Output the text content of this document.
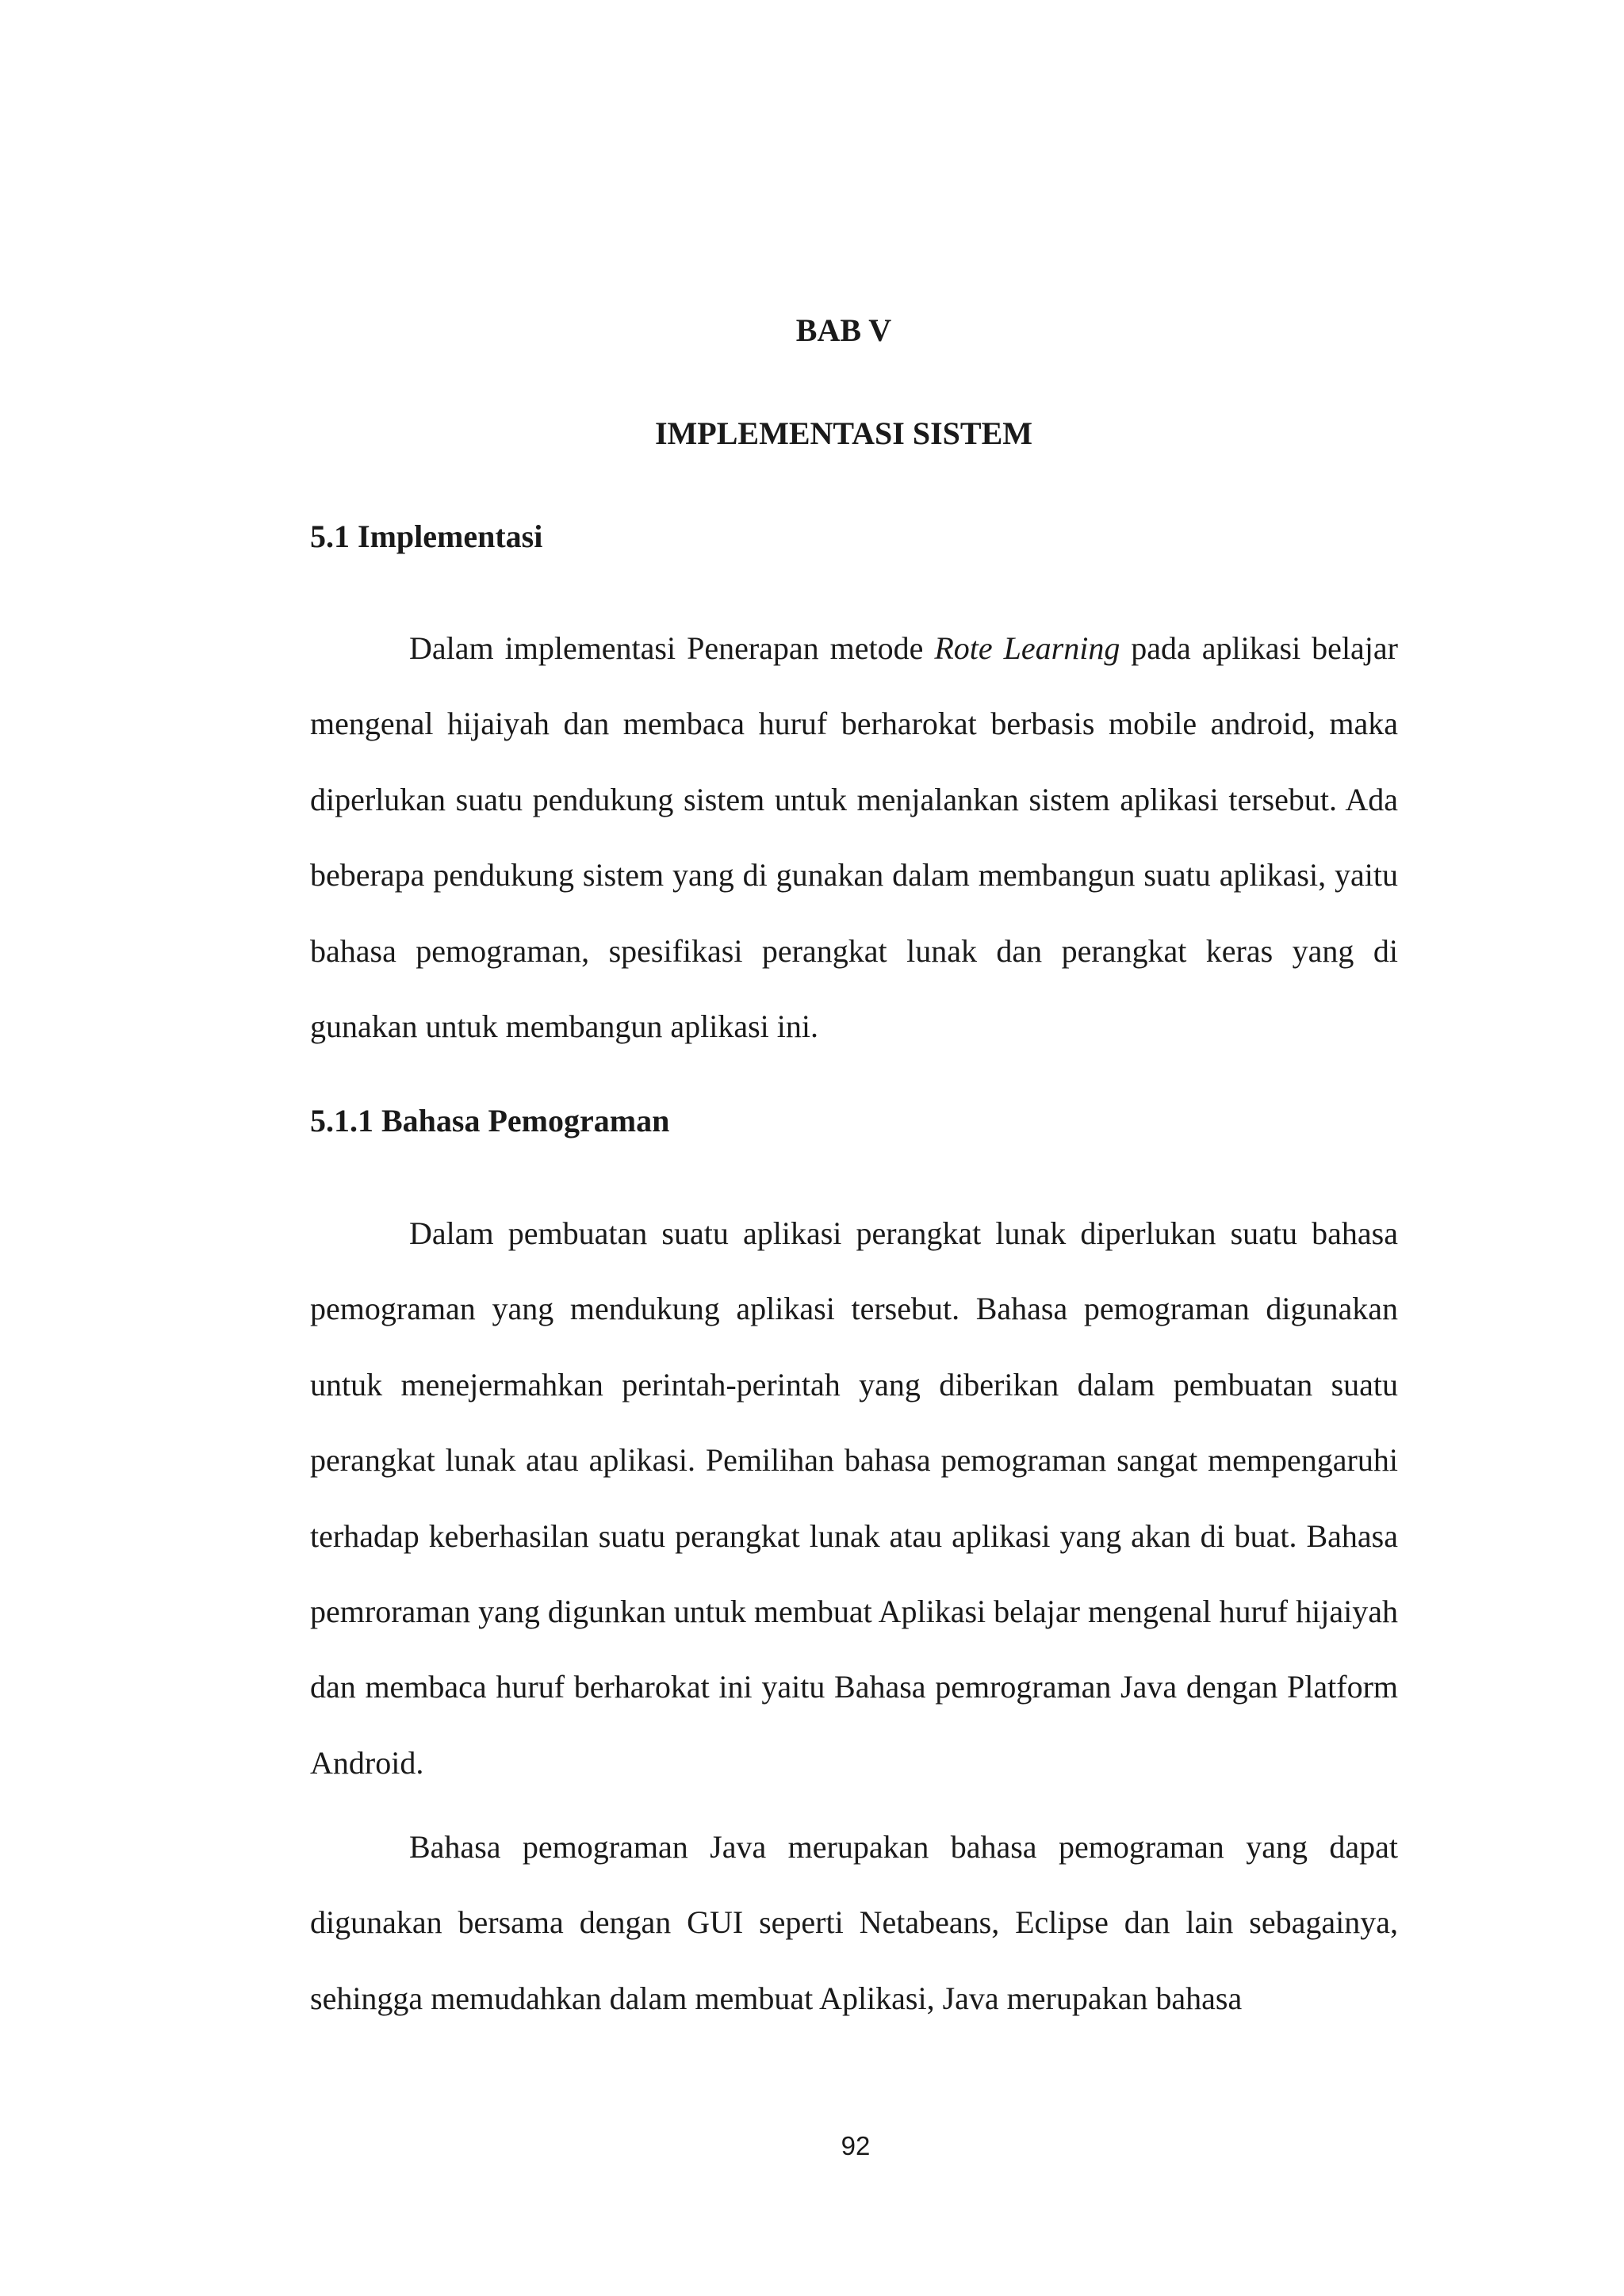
BAB V
IMPLEMENTASI SISTEM
5.1 Implementasi

Dalam implementasi Penerapan metode Rote Learning pada aplikasi belajar mengenal hijaiyah dan membaca huruf berharokat berbasis mobile android, maka diperlukan suatu pendukung sistem untuk menjalankan sistem aplikasi tersebut. Ada beberapa pendukung sistem yang di gunakan dalam membangun suatu aplikasi, yaitu bahasa pemograman, spesifikasi perangkat lunak dan perangkat keras yang di gunakan untuk membangun aplikasi ini.

5.1.1 Bahasa Pemograman

Dalam pembuatan suatu aplikasi perangkat lunak diperlukan suatu bahasa pemograman yang mendukung aplikasi tersebut. Bahasa pemograman digunakan untuk menejermahkan perintah-perintah yang diberikan dalam pembuatan suatu perangkat lunak atau aplikasi. Pemilihan bahasa pemograman sangat mempengaruhi terhadap keberhasilan suatu perangkat lunak atau aplikasi yang akan di buat. Bahasa pemroraman yang digunkan untuk membuat Aplikasi belajar mengenal huruf hijaiyah dan membaca huruf berharokat ini yaitu Bahasa pemrograman Java dengan Platform Android.

Bahasa pemograman Java merupakan bahasa pemograman yang dapat digunakan bersama dengan GUI seperti Netabeans, Eclipse dan lain sebagainya, sehingga memudahkan dalam membuat Aplikasi, Java merupakan bahasa

92
